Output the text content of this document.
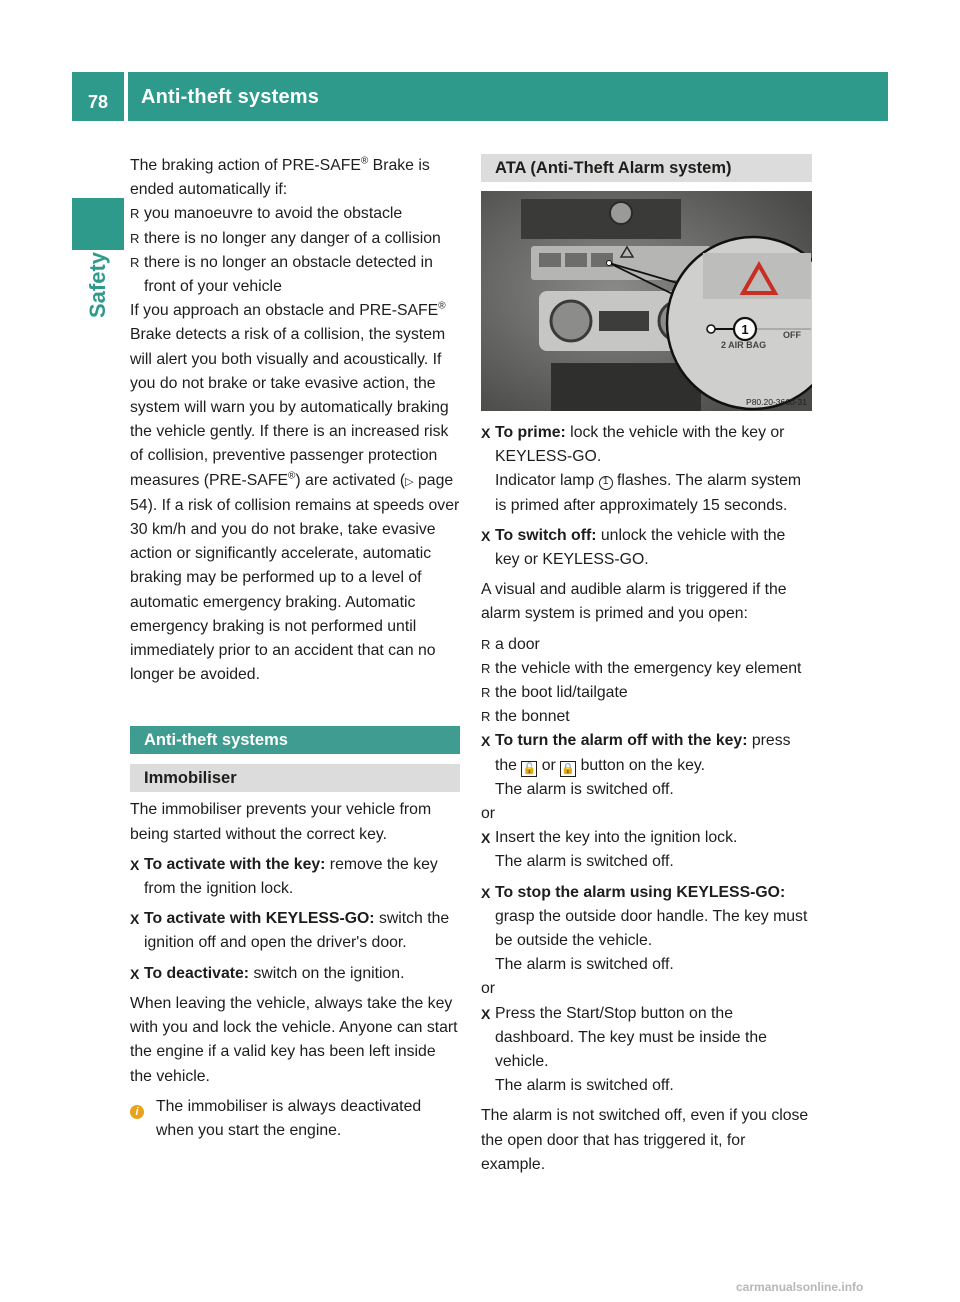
78	Anti-theft systems
Safety

The braking action of PRE-SAFE® Brake is ended automatically if:

R you manoeuvre to avoid the obstacle
R there is no longer any danger of a collision
R there is no longer an obstacle detected in front of your vehicle

If you approach an obstacle and PRE-SAFE® Brake detects a risk of a collision, the system will alert you both visually and acoustically. If you do not brake or take evasive action, the system will warn you by automatically braking the vehicle gently. If there is an increased risk of collision, preventive passenger protection measures (PRE-SAFE®) are activated (▷ page 54). If a risk of collision remains at speeds over 30 km/h and you do not brake, take evasive action or significantly accelerate, automatic braking may be performed up to a level of automatic emergency braking. Automatic emergency braking is not performed until immediately prior to an accident that can no longer be avoided.

Anti-theft systems
Immobiliser

The immobiliser prevents your vehicle from being started without the correct key.

X To activate with the key: remove the key from the ignition lock.
X To activate with KEYLESS-GO: switch the ignition off and open the driver's door.
X To deactivate: switch on the ignition.

When leaving the vehicle, always take the key with you and lock the vehicle. Anyone can start the engine if a valid key has been left inside the vehicle.

i	The immobiliser is always deactivated when you start the engine.
ATA (Anti-Theft Alarm system)
1
2 AIR BAG
OFF
P80.20-3660-31
X To prime: lock the vehicle with the key or KEYLESS-GO.
Indicator lamp 1 flashes. The alarm system is primed after approximately 15 seconds.
X To switch off: unlock the vehicle with the key or KEYLESS-GO.

A visual and audible alarm is triggered if the alarm system is primed and you open:

R a door
R the vehicle with the emergency key element
R the boot lid/tailgate
R the bonnet
X To turn the alarm off with the key: press the 🔓 or 🔒 button on the key.
The alarm is switched off.

or

X Insert the key into the ignition lock.
The alarm is switched off.
X To stop the alarm using KEYLESS-GO:
grasp the outside door handle. The key must be outside the vehicle.
The alarm is switched off.

or

X Press the Start/Stop button on the dashboard. The key must be inside the vehicle.
The alarm is switched off.

The alarm is not switched off, even if you close the open door that has triggered it, for example.

carmanualsonline.info
